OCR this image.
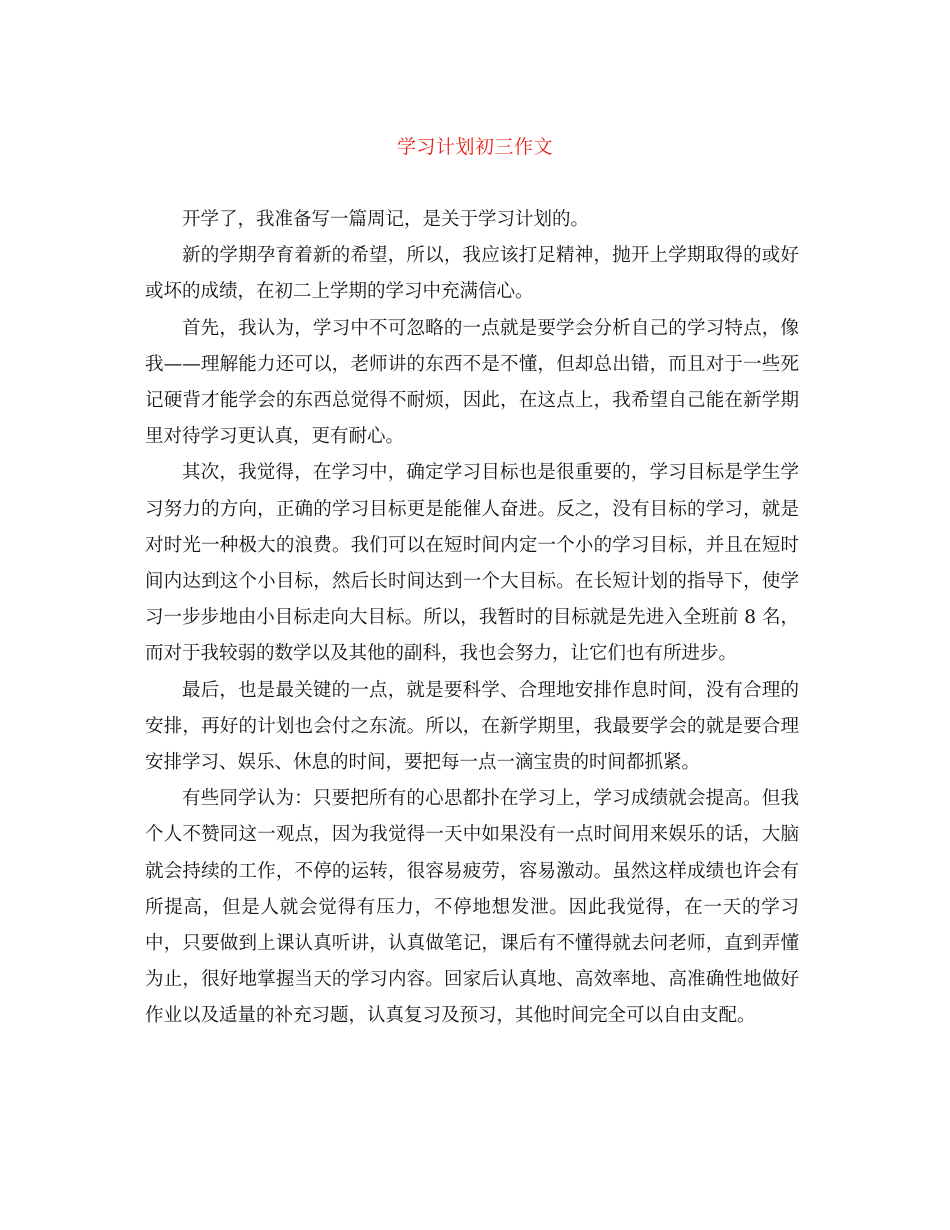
学习计划初三作文

开学了，我准备写一篇周记，是关于学习计划的。

新的学期孕育着新的希望，所以，我应该打足精神，抛开上学期取得的或好或坏的成绩，在初二上学期的学习中充满信心。

首先，我认为，学习中不可忽略的一点就是要学会分析自己的学习特点，像我——理解能力还可以，老师讲的东西不是不懂，但却总出错，而且对于一些死记硬背才能学会的东西总觉得不耐烦，因此，在这点上，我希望自己能在新学期里对待学习更认真，更有耐心。

其次，我觉得，在学习中，确定学习目标也是很重要的，学习目标是学生学习努力的方向，正确的学习目标更是能催人奋进。反之，没有目标的学习，就是对时光一种极大的浪费。我们可以在短时间内定一个小的学习目标，并且在短时间内达到这个小目标，然后长时间达到一个大目标。在长短计划的指导下，使学习一步步地由小目标走向大目标。所以，我暂时的目标就是先进入全班前 8 名，而对于我较弱的数学以及其他的副科，我也会努力，让它们也有所进步。

最后，也是最关键的一点，就是要科学、合理地安排作息时间，没有合理的安排，再好的计划也会付之东流。所以，在新学期里，我最要学会的就是要合理安排学习、娱乐、休息的时间，要把每一点一滴宝贵的时间都抓紧。

有些同学认为：只要把所有的心思都扑在学习上，学习成绩就会提高。但我个人不赞同这一观点，因为我觉得一天中如果没有一点时间用来娱乐的话，大脑就会持续的工作，不停的运转，很容易疲劳，容易激动。虽然这样成绩也许会有所提高，但是人就会觉得有压力，不停地想发泄。因此我觉得，在一天的学习中，只要做到上课认真听讲，认真做笔记，课后有不懂得就去问老师，直到弄懂为止，很好地掌握当天的学习内容。回家后认真地、高效率地、高准确性地做好作业以及适量的补充习题，认真复习及预习，其他时间完全可以自由支配。
